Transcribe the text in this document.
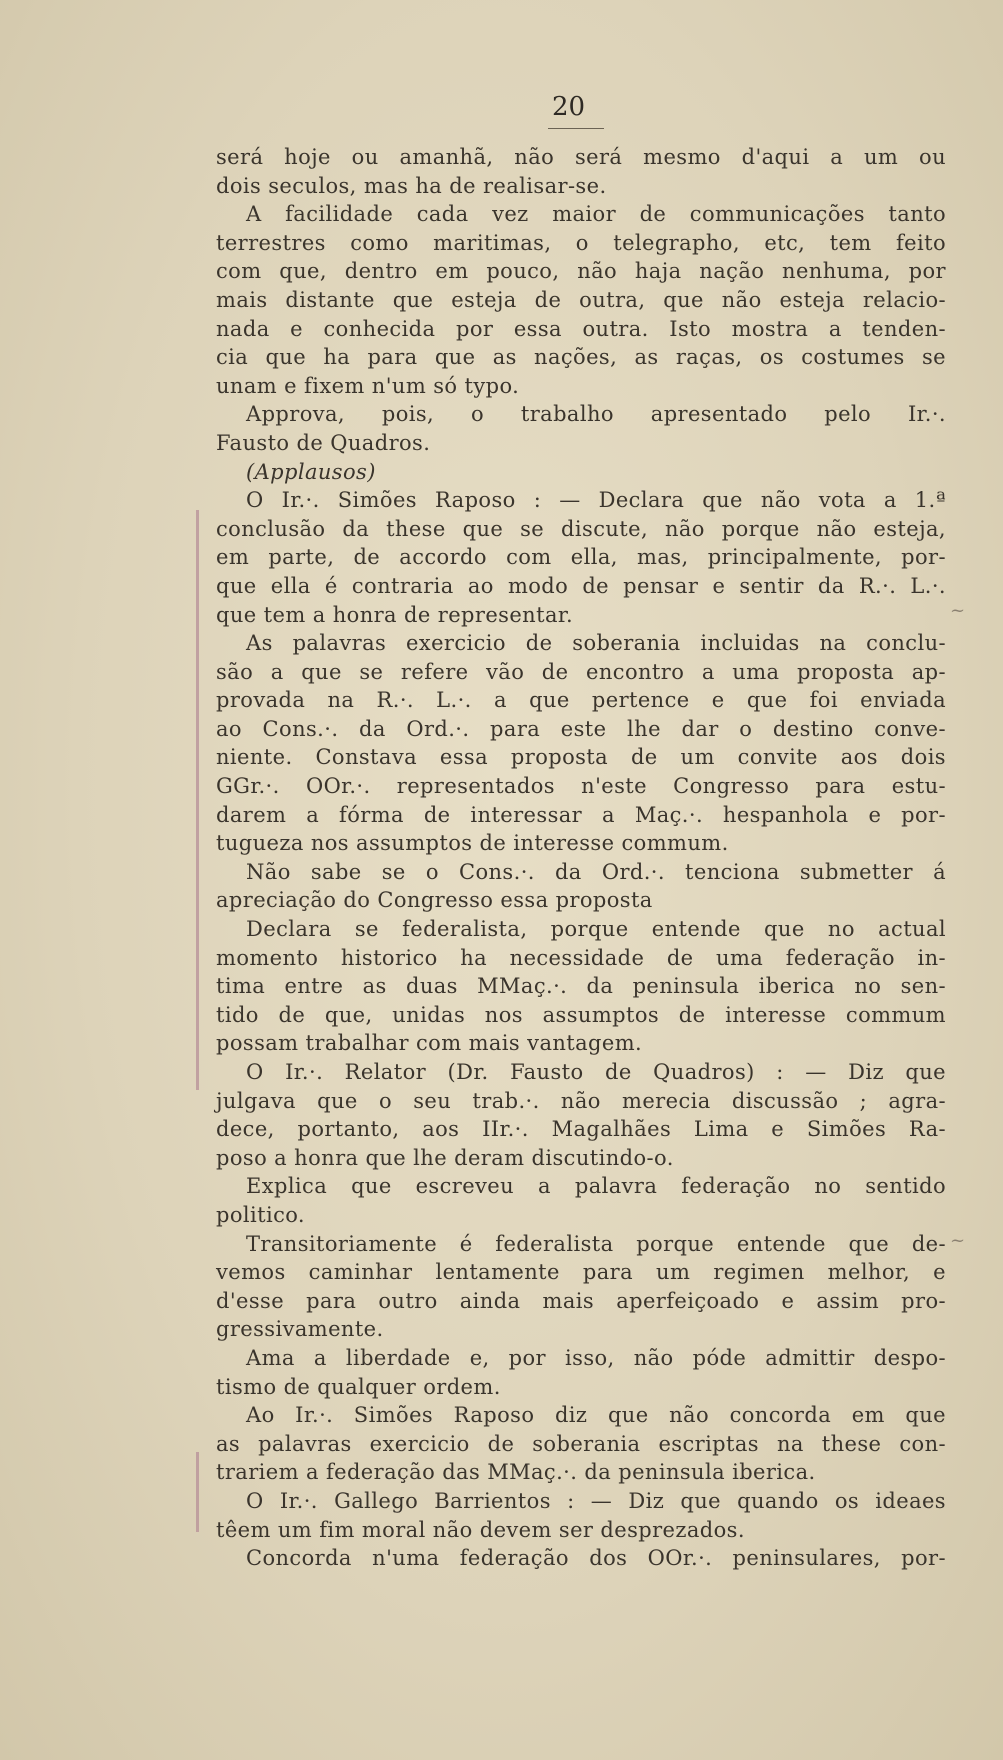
20
~
~
será hoje ou amanhã, não será mesmo d'aqui a um ou
dois seculos, mas ha de realisar-se.
A facilidade cada vez maior de communicações tanto
terrestres como maritimas, o telegrapho, etc, tem feito
com que, dentro em pouco, não haja nação nenhuma, por
mais distante que esteja de outra, que não esteja relacio-
nada e conhecida por essa outra. Isto mostra a tenden-
cia que ha para que as nações, as raças, os costumes se
unam e fixem n'um só typo.
Approva, pois, o trabalho apresentado pelo Ir.·.
Fausto de Quadros.
(Applausos)
O Ir.·. Simões Raposo : — Declara que não vota a 1.ª
conclusão da these que se discute, não porque não esteja,
em parte, de accordo com ella, mas, principalmente, por-
que ella é contraria ao modo de pensar e sentir da R.·. L.·.
que tem a honra de representar.
As palavras exercicio de soberania incluidas na conclu-
são a que se refere vão de encontro a uma proposta ap-
provada na R.·. L.·. a que pertence e que foi enviada
ao Cons.·. da Ord.·. para este lhe dar o destino conve-
niente. Constava essa proposta de um convite aos dois
GGr.·. OOr.·. representados n'este Congresso para estu-
darem a fórma de interessar a Maç.·. hespanhola e por-
tugueza nos assumptos de interesse commum.
Não sabe se o Cons.·. da Ord.·. tenciona submetter á
apreciação do Congresso essa proposta
Declara se federalista, porque entende que no actual
momento historico ha necessidade de uma federação in-
tima entre as duas MMaç.·. da peninsula iberica no sen-
tido de que, unidas nos assumptos de interesse commum
possam trabalhar com mais vantagem.
O Ir.·. Relator (Dr. Fausto de Quadros) : — Diz que
julgava que o seu trab.·. não merecia discussão ; agra-
dece, portanto, aos IIr.·. Magalhães Lima e Simões Ra-
poso a honra que lhe deram discutindo-o.
Explica que escreveu a palavra federação no sentido
politico.
Transitoriamente é federalista porque entende que de-
vemos caminhar lentamente para um regimen melhor, e
d'esse para outro ainda mais aperfeiçoado e assim pro-
gressivamente.
Ama a liberdade e, por isso, não póde admittir despo-
tismo de qualquer ordem.
Ao Ir.·. Simões Raposo diz que não concorda em que
as palavras exercicio de soberania escriptas na these con-
trariem a federação das MMaç.·. da peninsula iberica.
O Ir.·. Gallego Barrientos : — Diz que quando os ideaes
têem um fim moral não devem ser desprezados.
Concorda n'uma federação dos OOr.·. peninsulares, por-
